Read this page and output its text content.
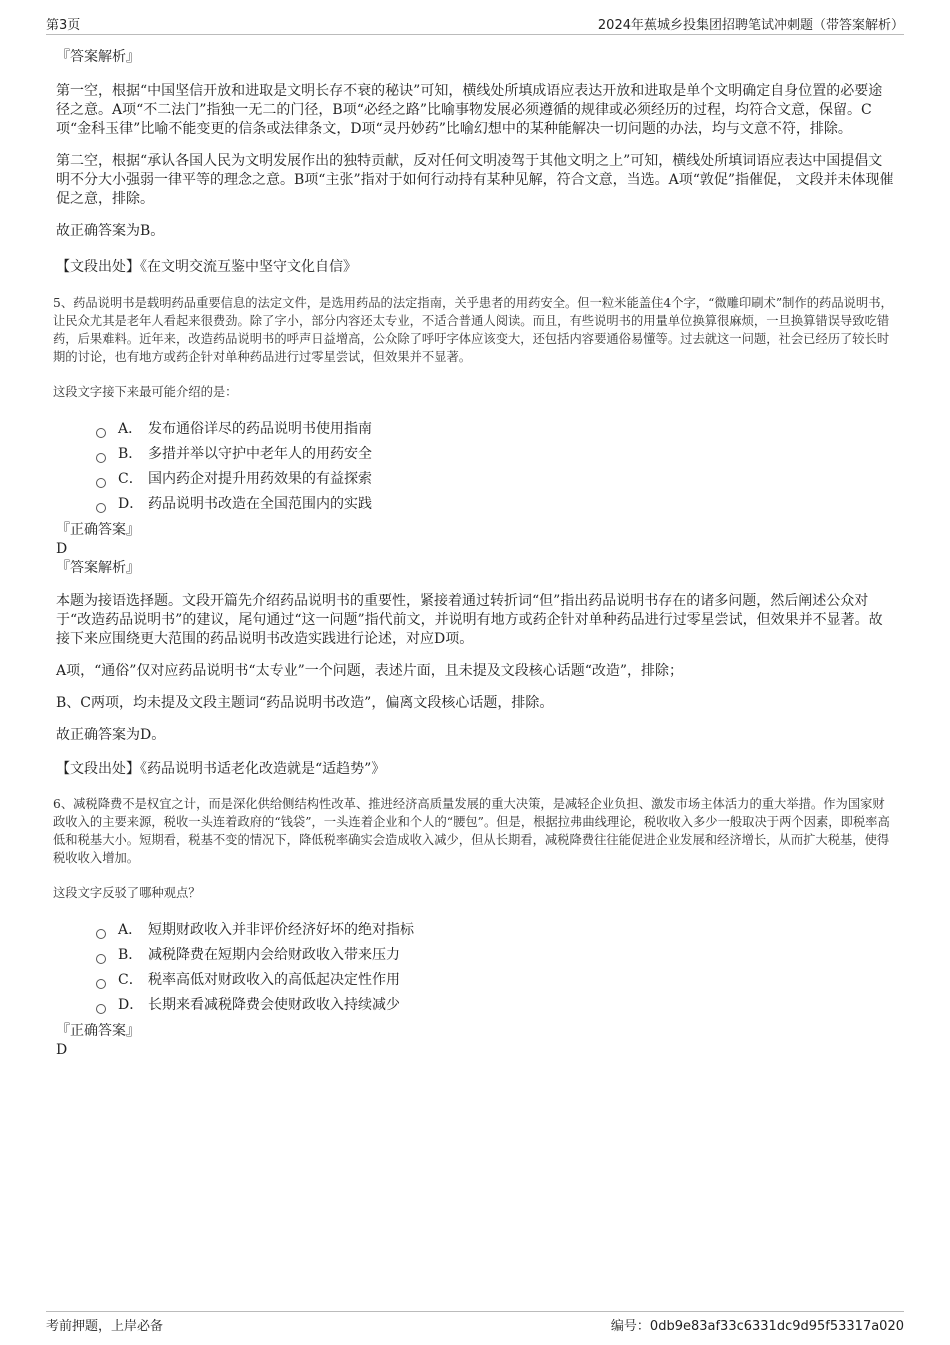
第3页	2024年蕉城乡投集团招聘笔试冲刺题（带答案解析）

『答案解析』

第一空，根据“中国坚信开放和进取是文明长存不衰的秘诀”可知，横线处所填成语应表达开放和进取是单个文明确定自身位置的必要途径之意。A项“不二法门”指独一无二的门径，B项“必经之路”比喻事物发展必须遵循的规律或必须经历的过程，均符合文意，保留。C项“金科玉律”比喻不能变更的信条或法律条文，D项“灵丹妙药”比喻幻想中的某种能解决一切问题的办法，均与文意不符，排除。

第二空，根据“承认各国人民为文明发展作出的独特贡献，反对任何文明凌驾于其他文明之上”可知，横线处所填词语应表达中国提倡文明不分大小强弱一律平等的理念之意。B项“主张”指对于如何行动持有某种见解，符合文意，当选。A项“敦促”指催促， 文段并未体现催促之意，排除。

故正确答案为B。

【文段出处】《在文明交流互鉴中坚守文化自信》

5、药品说明书是载明药品重要信息的法定文件，是选用药品的法定指南，关乎患者的用药安全。但一粒米能盖住4个字，“微雕印刷术”制作的药品说明书，让民众尤其是老年人看起来很费劲。除了字小，部分内容还太专业，不适合普通人阅读。而且，有些说明书的用量单位换算很麻烦，一旦换算错误导致吃错药，后果难料。近年来，改造药品说明书的呼声日益增高，公众除了呼吁字体应该变大，还包括内容要通俗易懂等。过去就这一问题，社会已经历了较长时期的讨论，也有地方或药企针对单种药品进行过零星尝试，但效果并不显著。

这段文字接下来最可能介绍的是：

A． 发布通俗详尽的药品说明书使用指南
B． 多措并举以守护中老年人的用药安全
C． 国内药企对提升用药效果的有益探索
D． 药品说明书改造在全国范围内的实践

『正确答案』

D

『答案解析』

本题为接语选择题。文段开篇先介绍药品说明书的重要性，紧接着通过转折词“但”指出药品说明书存在的诸多问题，然后阐述公众对于“改造药品说明书”的建议，尾句通过“这一问题”指代前文，并说明有地方或药企针对单种药品进行过零星尝试，但效果并不显著。故接下来应围绕更大范围的药品说明书改造实践进行论述，对应D项。

A项，“通俗”仅对应药品说明书“太专业”一个问题，表述片面，且未提及文段核心话题“改造”，排除；

B、C两项，均未提及文段主题词“药品说明书改造”，偏离文段核心话题，排除。

故正确答案为D。

【文段出处】《药品说明书适老化改造就是“适趋势”》

6、减税降费不是权宜之计，而是深化供给侧结构性改革、推进经济高质量发展的重大决策，是减轻企业负担、激发市场主体活力的重大举措。作为国家财政收入的主要来源，税收一头连着政府的“钱袋”，一头连着企业和个人的“腰包”。但是，根据拉弗曲线理论，税收收入多少一般取决于两个因素，即税率高低和税基大小。短期看，税基不变的情况下，降低税率确实会造成收入减少，但从长期看，减税降费往往能促进企业发展和经济增长，从而扩大税基，使得税收收入增加。

这段文字反驳了哪种观点？

A． 短期财政收入并非评价经济好坏的绝对指标
B． 减税降费在短期内会给财政收入带来压力
C． 税率高低对财政收入的高低起决定性作用
D． 长期来看减税降费会使财政收入持续减少

『正确答案』

D

考前押题，上岸必备	编号：0db9e83af33c6331dc9d95f53317a020
